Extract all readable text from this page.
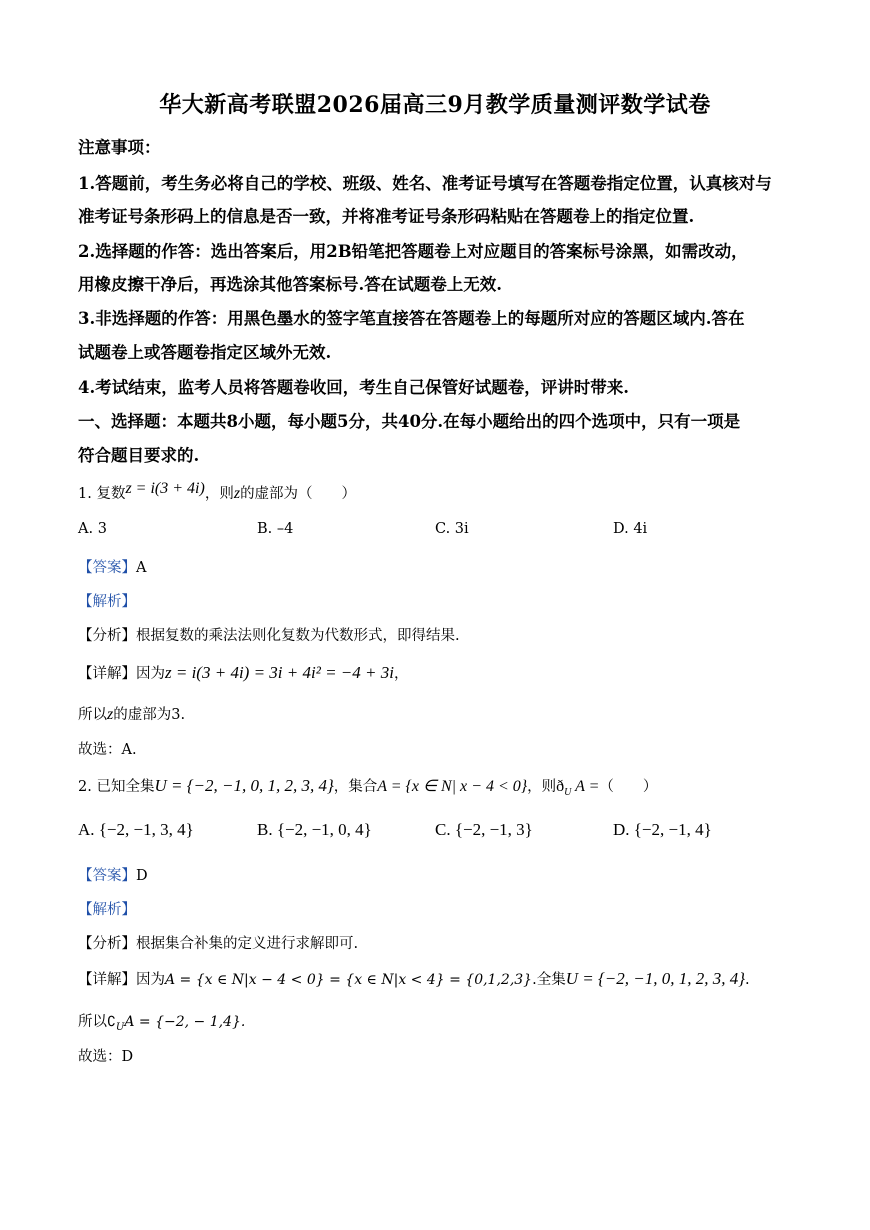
华大新高考联盟2026届高三9月教学质量测评数学试卷
注意事项：
1.答题前，考生务必将自己的学校、班级、姓名、准考证号填写在答题卷指定位置，认真核对与
准考证号条形码上的信息是否一致，并将准考证号条形码粘贴在答题卷上的指定位置.
2.选择题的作答：选出答案后，用2B铅笔把答题卷上对应题目的答案标号涂黑，如需改动，
用橡皮擦干净后，再选涂其他答案标号.答在试题卷上无效.
3.非选择题的作答：用黑色墨水的签字笔直接答在答题卷上的每题所对应的答题区域内.答在
试题卷上或答题卷指定区域外无效.
4.考试结束，监考人员将答题卷收回，考生自己保管好试题卷，评讲时带来.
一、选择题：本题共8小题，每小题5分，共40分.在每小题给出的四个选项中，只有一项是
符合题目要求的.
1. 复数z = i(3 + 4i)，则z的虚部为（　　）
A. 3	B. –4	C. 3i	D. 4i
【答案】A
【解析】
【分析】根据复数的乘法法则化复数为代数形式，即得结果.
【详解】因为z = i(3 + 4i) = 3i + 4i² = −4 + 3i，
所以z的虚部为3.
故选：A.
2. 已知全集U = {−2, −1, 0, 1, 2, 3, 4}，集合A = {x ∈ N| x − 4 < 0}，则$ð_U$ A =（　　）
A. {−2, −1, 3, 4}	B. {−2, −1, 0, 4}	C. {−2, −1, 3}	D. {−2, −1, 4}
【答案】D
【解析】
【分析】根据集合补集的定义进行求解即可.
【详解】因为A = {x ∈ N|x − 4 < 0} = {x ∈ N|x < 4} = {0,1,2,3}.全集U = {−2, −1, 0, 1, 2, 3, 4}.
所以$∁_UA = \{-2$, − 1,4}.
故选：D
